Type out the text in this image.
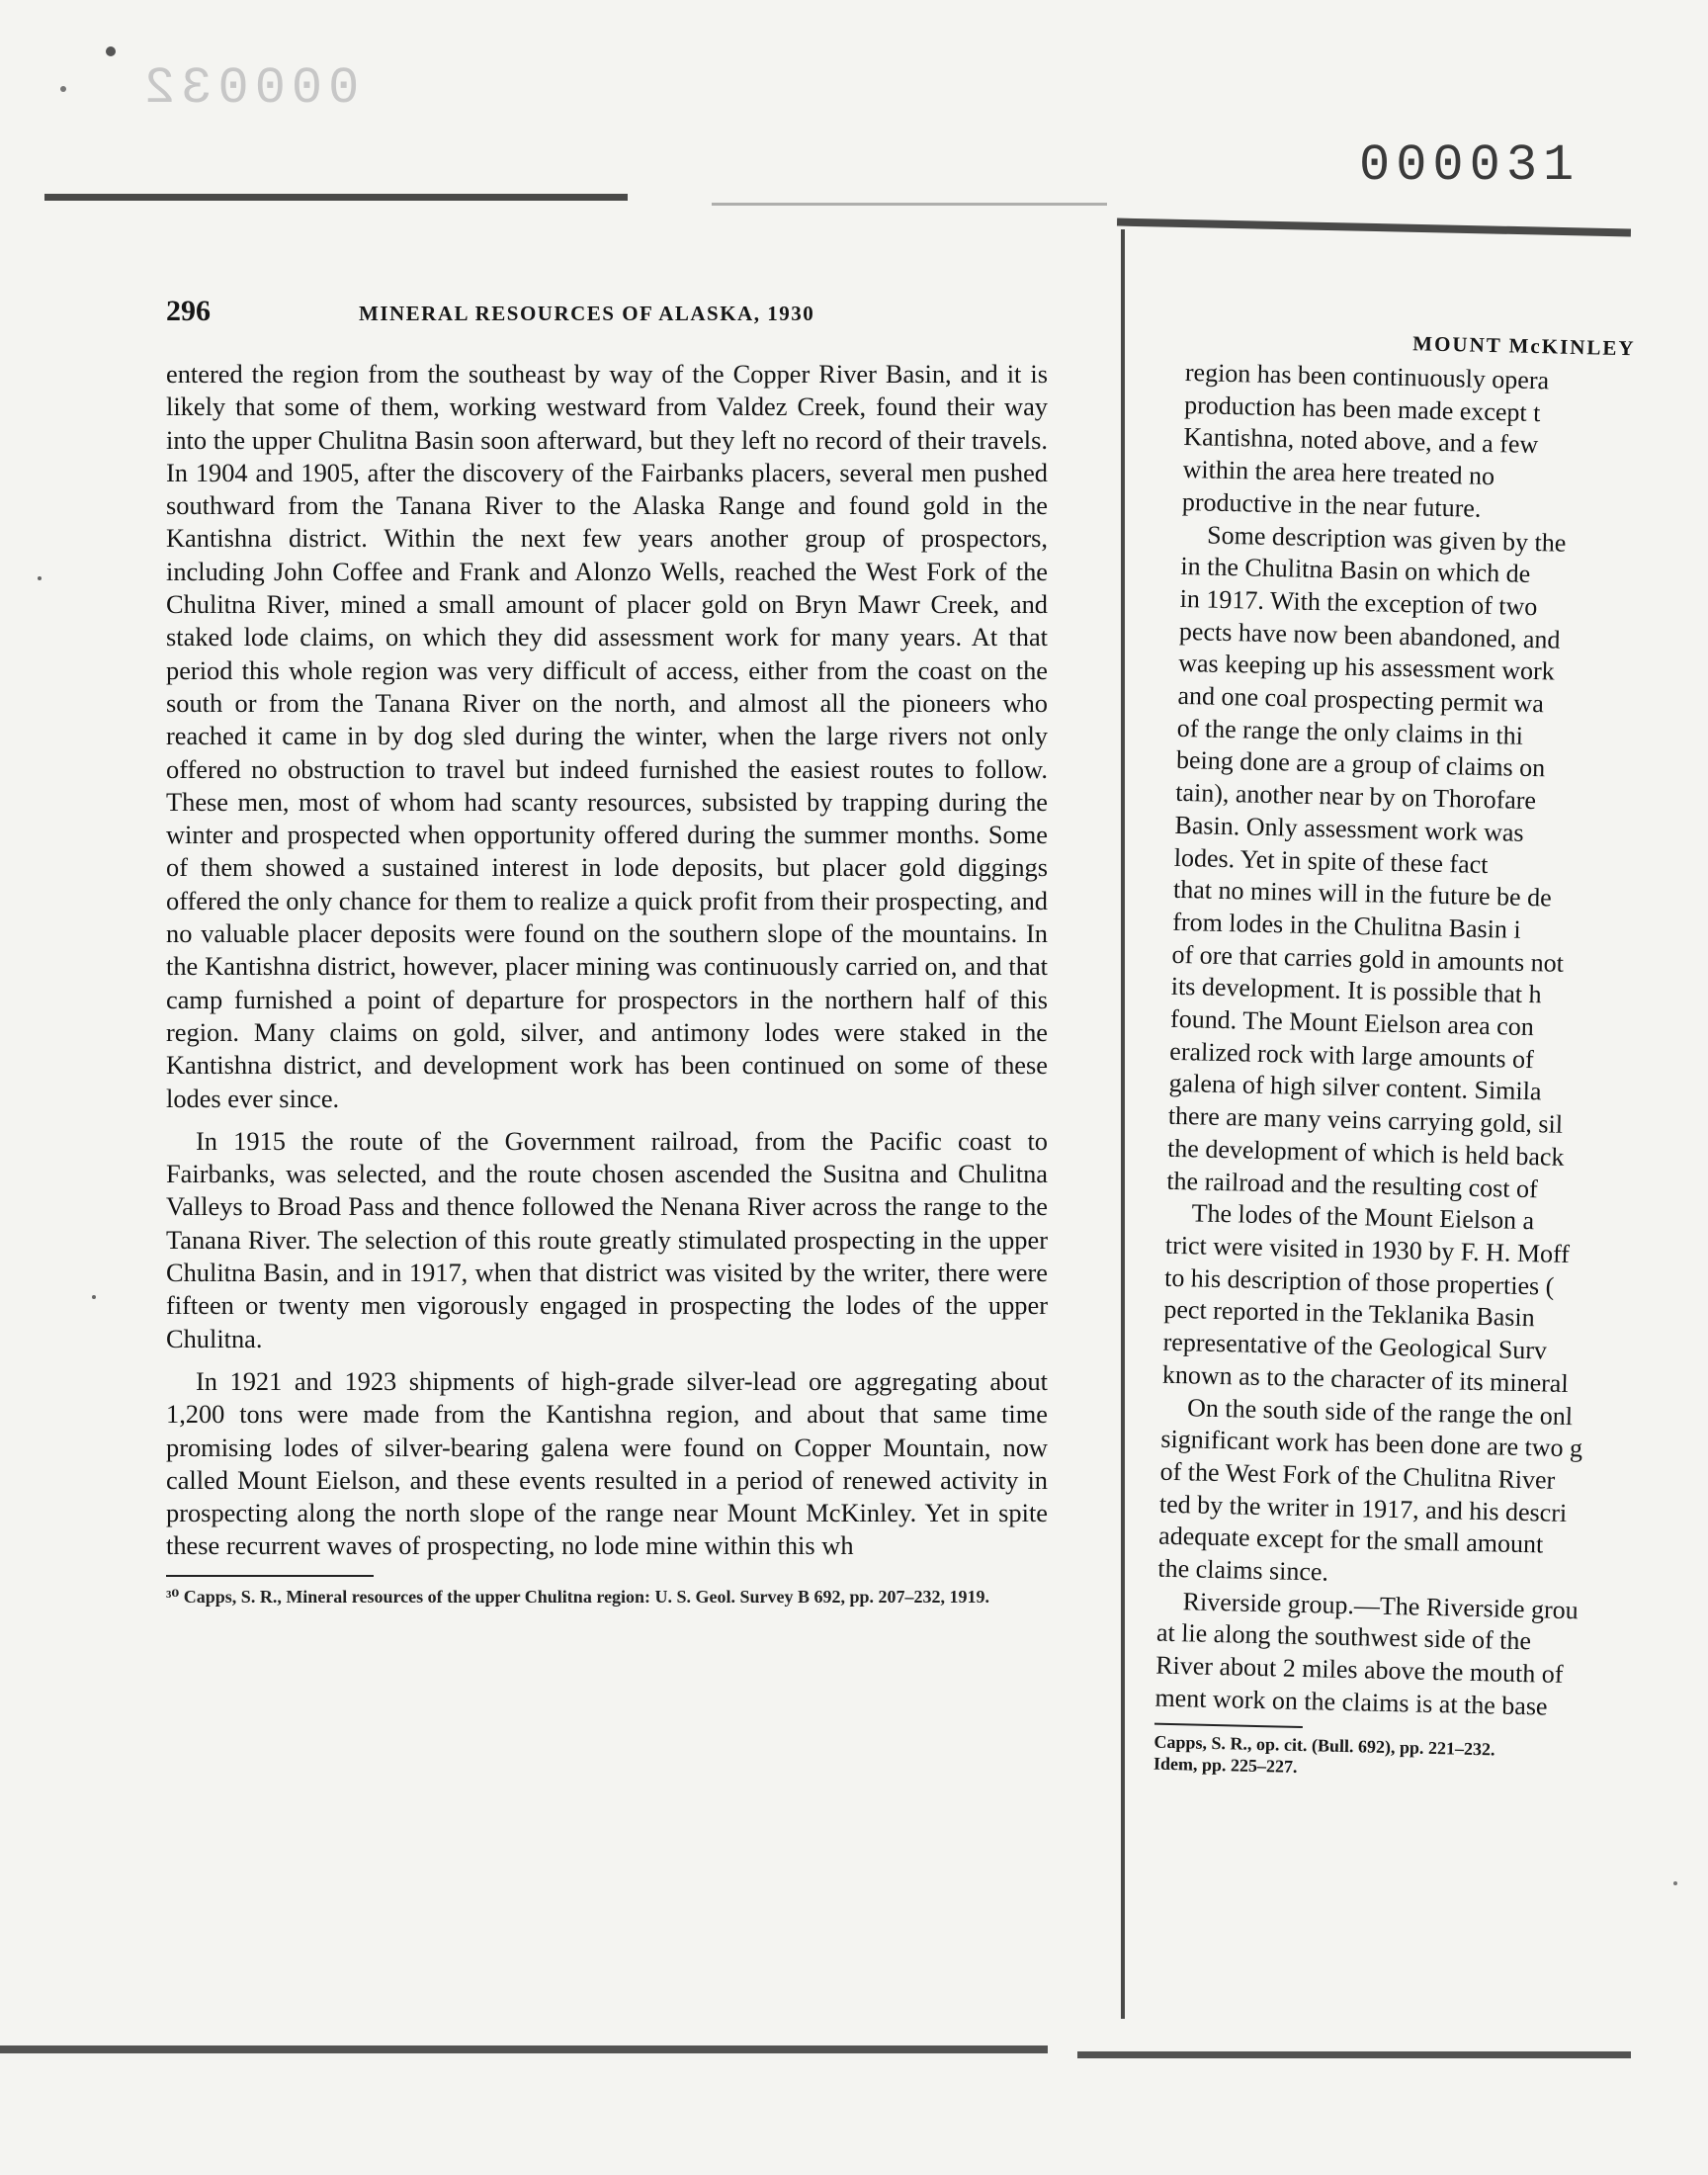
000032
000031
296	MINERAL RESOURCES OF ALASKA, 1930

entered the region from the southeast by way of the Copper River Basin, and it is likely that some of them, working westward from Valdez Creek, found their way into the upper Chulitna Basin soon afterward, but they left no record of their travels. In 1904 and 1905, after the discovery of the Fairbanks placers, several men pushed southward from the Tanana River to the Alaska Range and found gold in the Kantishna district. Within the next few years another group of prospectors, including John Coffee and Frank and Alonzo Wells, reached the West Fork of the Chulitna River, mined a small amount of placer gold on Bryn Mawr Creek, and staked lode claims, on which they did assessment work for many years. At that period this whole region was very difficult of access, either from the coast on the south or from the Tanana River on the north, and almost all the pioneers who reached it came in by dog sled during the winter, when the large rivers not only offered no obstruction to travel but indeed furnished the easiest routes to follow. These men, most of whom had scanty resources, subsisted by trapping during the winter and prospected when opportunity offered during the summer months. Some of them showed a sustained interest in lode deposits, but placer gold diggings offered the only chance for them to realize a quick profit from their prospecting, and no valuable placer deposits were found on the southern slope of the mountains. In the Kantishna district, however, placer mining was continuously carried on, and that camp furnished a point of departure for prospectors in the northern half of this region. Many claims on gold, silver, and antimony lodes were staked in the Kantishna district, and development work has been continued on some of these lodes ever since.

In 1915 the route of the Government railroad, from the Pacific coast to Fairbanks, was selected, and the route chosen ascended the Susitna and Chulitna Valleys to Broad Pass and thence followed the Nenana River across the range to the Tanana River. The selection of this route greatly stimulated prospecting in the upper Chulitna Basin, and in 1917, when that district was visited by the writer, there were fifteen or twenty men vigorously engaged in prospecting the lodes of the upper Chulitna.

In 1921 and 1923 shipments of high-grade silver-lead ore aggregating about 1,200 tons were made from the Kantishna region, and about that same time promising lodes of silver-bearing galena were found on Copper Mountain, now called Mount Eielson, and these events resulted in a period of renewed activity in prospecting along the north slope of the range near Mount McKinley. Yet in spite these recurrent waves of prospecting, no lode mine within this wh

³⁰ Capps, S. R., Mineral resources of the upper Chulitna region: U. S. Geol. Survey B 692, pp. 207–232, 1919.
MOUNT McKINLEY
region has been continuously opera
production has been made except t
Kantishna, noted above, and a few
within the area here treated no
productive in the near future.
Some description was given by the
in the Chulitna Basin on which de
in 1917. With the exception of two
pects have now been abandoned, and
was keeping up his assessment work
and one coal prospecting permit wa
of the range the only claims in thi
being done are a group of claims on
tain), another near by on Thorofare
Basin. Only assessment work was
lodes. Yet in spite of these fact
that no mines will in the future be de
from lodes in the Chulitna Basin i
of ore that carries gold in amounts not
its development. It is possible that h
found. The Mount Eielson area con
eralized rock with large amounts of
galena of high silver content. Simila
there are many veins carrying gold, sil
the development of which is held back
the railroad and the resulting cost of
The lodes of the Mount Eielson a
trict were visited in 1930 by F. H. Moff
to his description of those properties (
pect reported in the Teklanika Basin
representative of the Geological Surv
known as to the character of its mineral
On the south side of the range the onl
significant work has been done are two g
of the West Fork of the Chulitna River
ted by the writer in 1917, and his descri
adequate except for the small amount
the claims since.
Riverside group.—The Riverside grou
at lie along the southwest side of the
River about 2 miles above the mouth of
ment work on the claims is at the base
Capps, S. R., op. cit. (Bull. 692), pp. 221–232.
Idem, pp. 225–227.
